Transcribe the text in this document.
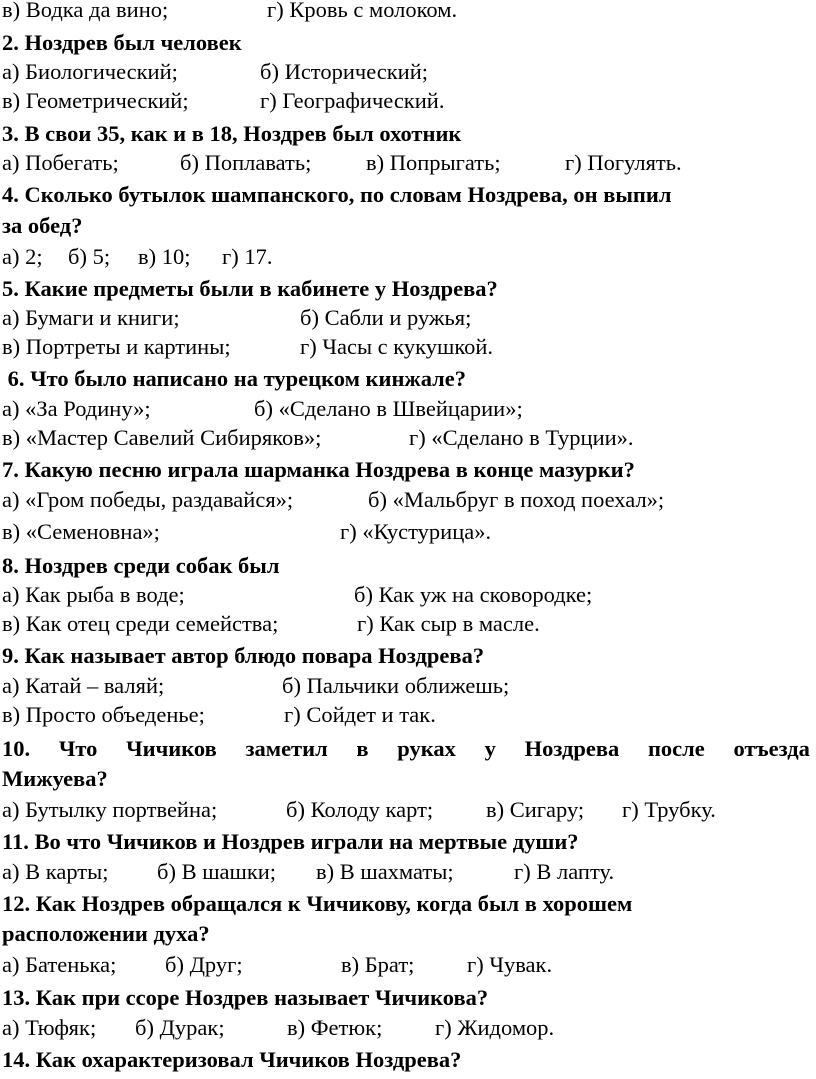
в) Водка да вино;	г) Кровь с молоком.
2. Ноздрев был человек
а) Биологический;	б) Исторический;
в) Геометрический;	г) Географический.
3. В свои 35, как и в 18, Ноздрев был охотник
а) Побегать;	б) Поплавать; в) Попрыгать;	г) Погулять.
4. Сколько бутылок шампанского, по словам Ноздрева, он выпил
за обед?
а) 2; б) 5; в) 10; г) 17.
5. Какие предметы были в кабинете у Ноздрева?
а) Бумаги и книги;	б) Сабли и ружья;
в) Портреты и картины;	г) Часы с кукушкой.
6. Что было написано на турецком кинжале?
а) «За Родину»;	б) «Сделано в Швейцарии»;
в) «Мастер Савелий Сибиряков»;	г) «Сделано в Турции».
7. Какую песню играла шарманка Ноздрева в конце мазурки?
а) «Гром победы, раздавайся»;	б) «Мальбруг в поход поехал»;
в) «Семеновна»;	г) «Кустурица».
8. Ноздрев среди собак был
а) Как рыба в воде;	б) Как уж на сковородке;
в) Как отец среди семейства;	г) Как сыр в масле.
9. Как называет автор блюдо повара Ноздрева?
а) Катай – валяй;	б) Пальчики оближешь;
в) Просто объеденье;	г) Сойдет и так.
10. Что Чичиков заметил в руках у Ноздрева после отъезда
Мижуева?
а) Бутылку портвейна;	б) Колоду карт; в) Сигару; г) Трубку.
11. Во что Чичиков и Ноздрев играли на мертвые души?
а) В карты; б) В шашки; в) В шахматы;	г) В лапту.
12. Как Ноздрев обращался к Чичикову, когда был в хорошем
расположении духа?
а) Батенька; б) Друг;	в) Брат; г) Чувак.
13. Как при ссоре Ноздрев называет Чичикова?
а) Тюфяк; б) Дурак;	в) Фетюк; г) Жидомор.
14. Как охарактеризовал Чичиков Ноздрева?
